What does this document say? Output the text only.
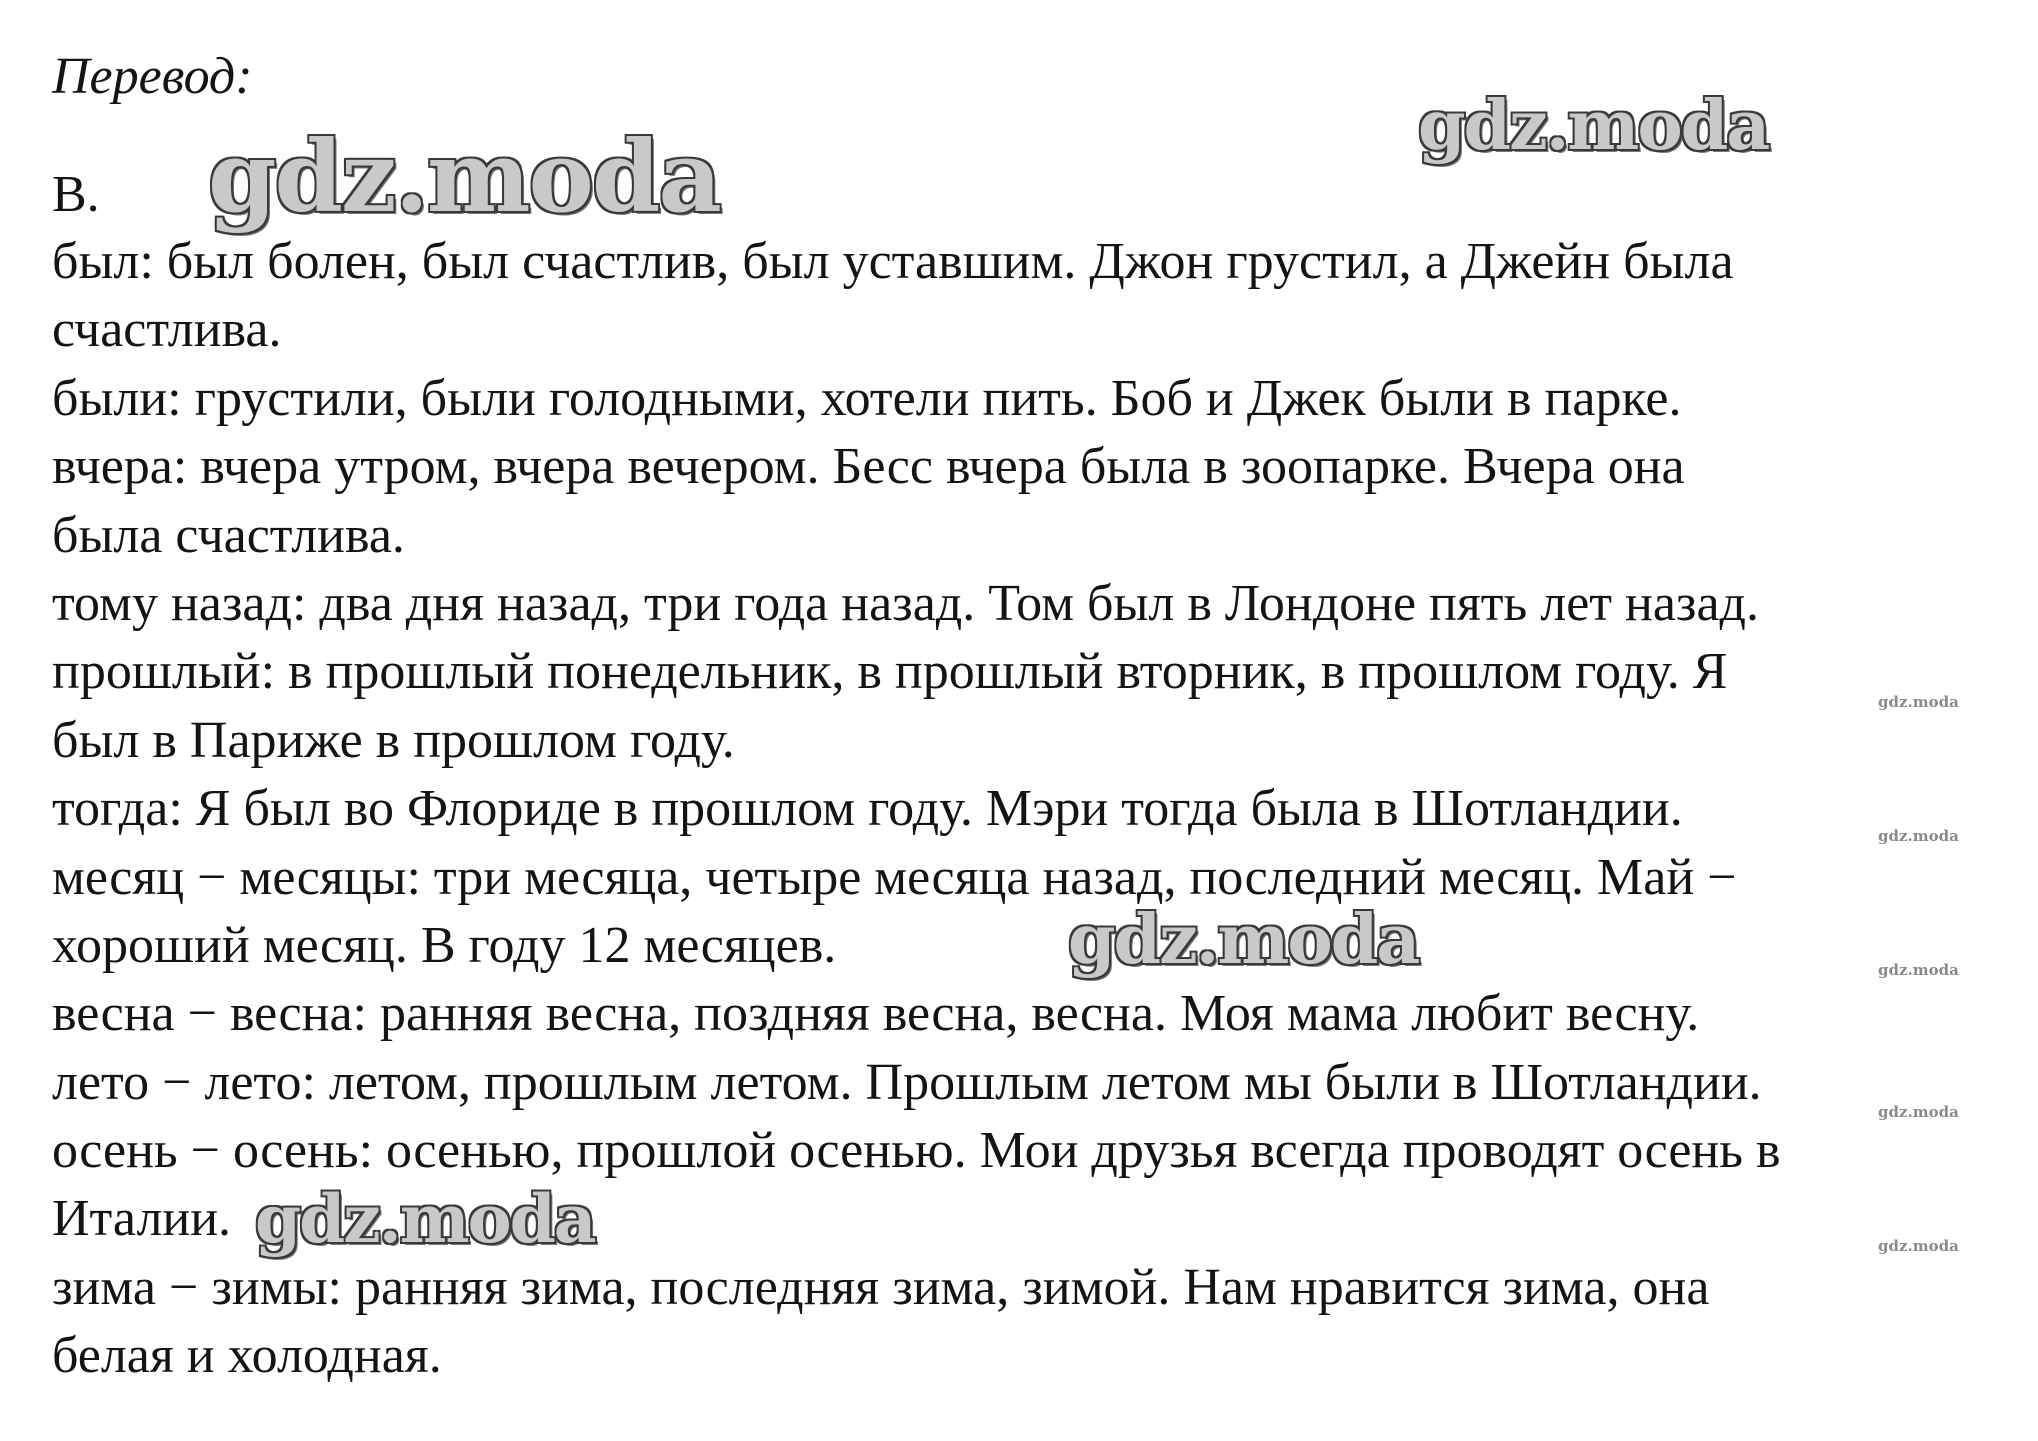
Перевод:
B.
был: был болен, был счастлив, был уставшим. Джон грустил, а Джейн была
счастлива.
были: грустили, были голодными, хотели пить. Боб и Джек были в парке.
вчера: вчера утром, вчера вечером. Бесс вчера была в зоопарке. Вчера она
была счастлива.
тому назад: два дня назад, три года назад. Том был в Лондоне пять лет назад.
прошлый: в прошлый понедельник, в прошлый вторник, в прошлом году. Я
был в Париже в прошлом году.
тогда: Я был во Флориде в прошлом году. Мэри тогда была в Шотландии.
месяц − месяцы: три месяца, четыре месяца назад, последний месяц. Май −
хороший месяц. В году 12 месяцев.
весна − весна: ранняя весна, поздняя весна, весна. Моя мама любит весну.
лето − лето: летом, прошлым летом. Прошлым летом мы были в Шотландии.
осень − осень: осенью, прошлой осенью. Мои друзья всегда проводят осень в
Италии.
зима − зимы: ранняя зима, последняя зима, зимой. Нам нравится зима, она
белая и холодная.
gdz.moda	gdz.moda
gdz.moda
gdz.moda
gdz.moda
gdz.moda
gdz.moda
gdz.moda
gdz.moda
